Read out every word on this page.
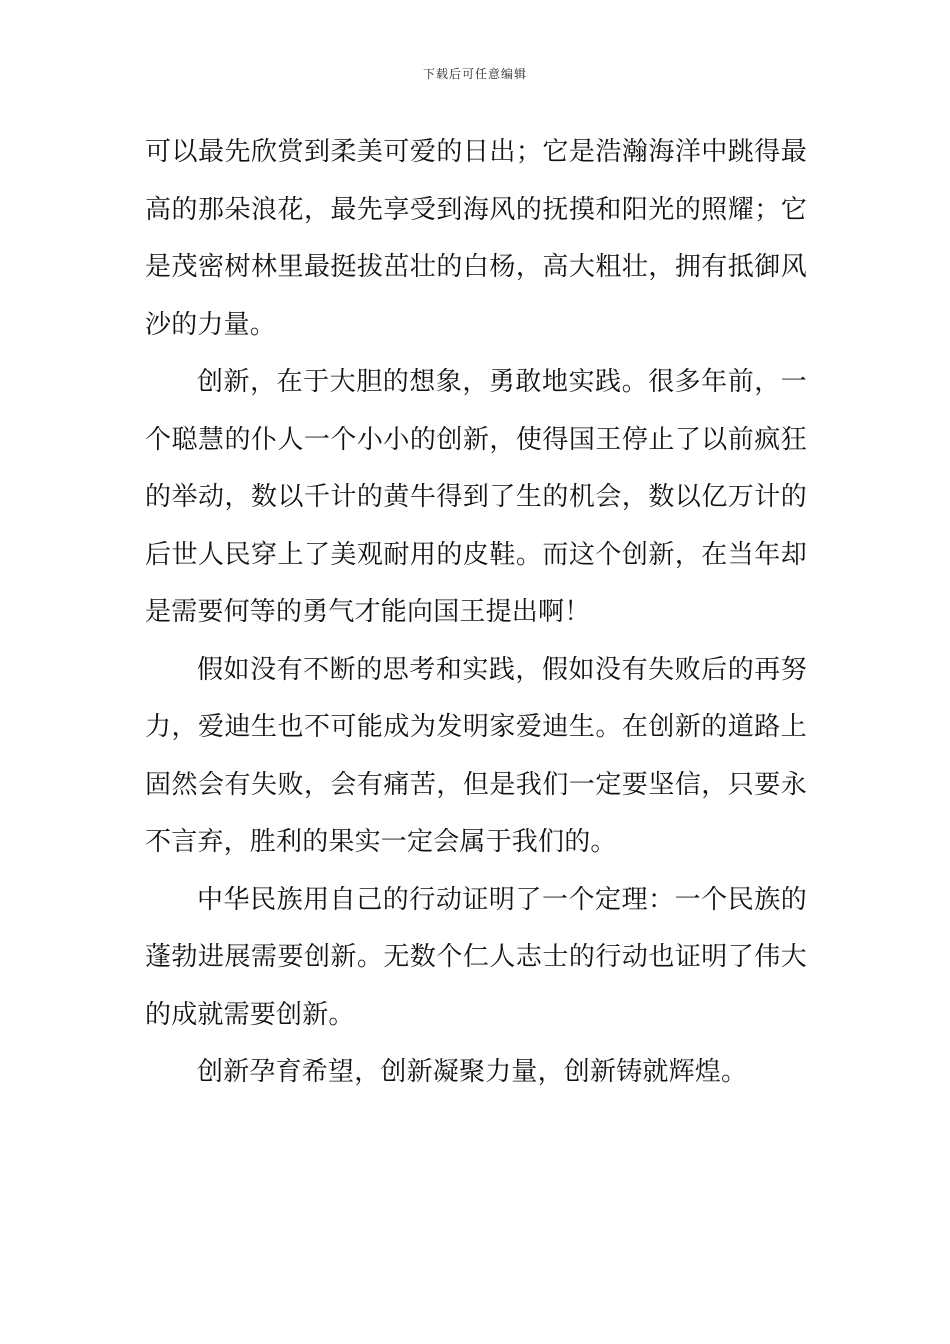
下载后可任意编辑

可以最先欣赏到柔美可爱的日出；它是浩瀚海洋中跳得最高的那朵浪花，最先享受到海风的抚摸和阳光的照耀；它是茂密树林里最挺拔茁壮的白杨，高大粗壮，拥有抵御风沙的力量。

创新，在于大胆的想象，勇敢地实践。很多年前，一个聪慧的仆人一个小小的创新，使得国王停止了以前疯狂的举动，数以千计的黄牛得到了生的机会，数以亿万计的后世人民穿上了美观耐用的皮鞋。而这个创新，在当年却是需要何等的勇气才能向国王提出啊！

假如没有不断的思考和实践，假如没有失败后的再努力，爱迪生也不可能成为发明家爱迪生。在创新的道路上固然会有失败，会有痛苦，但是我们一定要坚信，只要永不言弃，胜利的果实一定会属于我们的。

中华民族用自己的行动证明了一个定理：一个民族的蓬勃进展需要创新。无数个仁人志士的行动也证明了伟大的成就需要创新。

创新孕育希望，创新凝聚力量，创新铸就辉煌。
